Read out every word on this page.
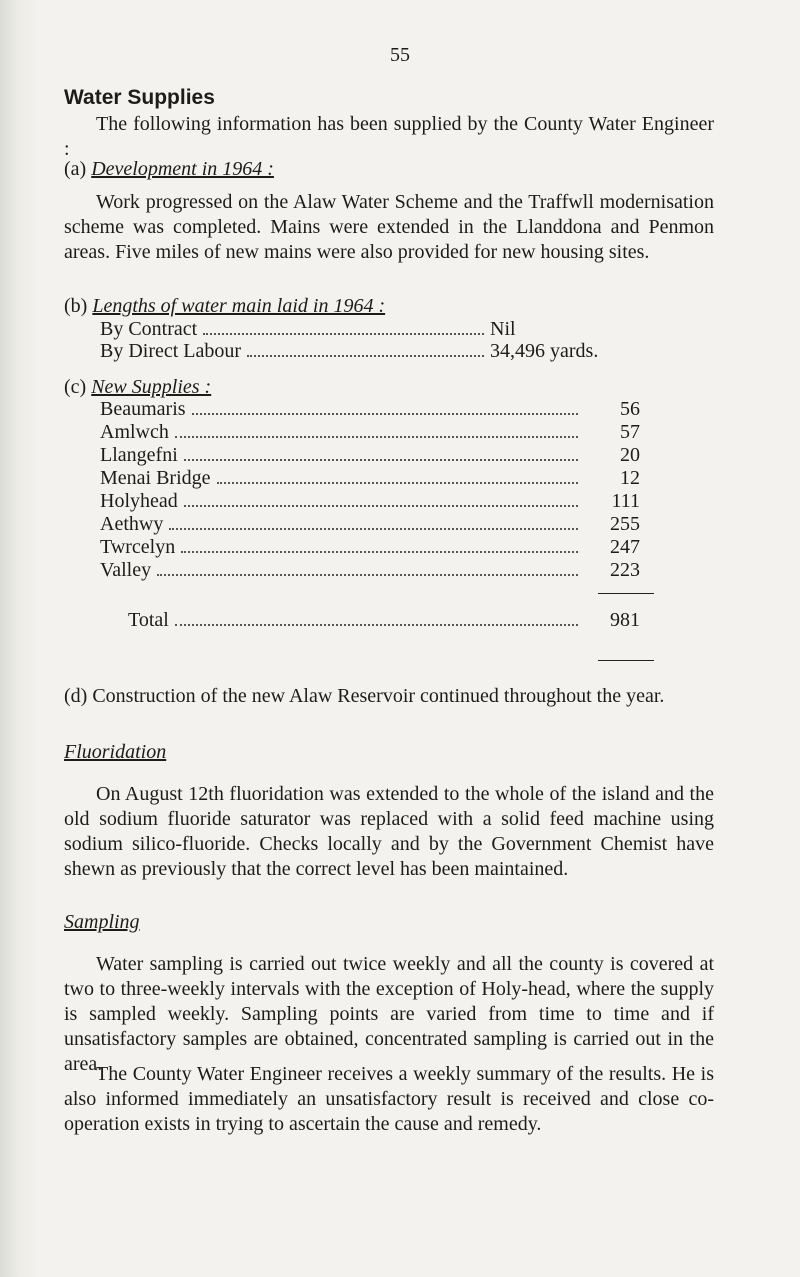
55
Water Supplies
The following information has been supplied by the County Water Engineer :
(a) Development in 1964 :
Work progressed on the Alaw Water Scheme and the Traffwll modernisation scheme was completed. Mains were extended in the Llanddona and Penmon areas. Five miles of new mains were also provided for new housing sites.
(b) Lengths of water main laid in 1964 :
By Contract	Nil
By Direct Labour	34,496 yards.
(c) New Supplies :
Beaumaris	56
Amlwch	57
Llangefni	20
Menai Bridge	12
Holyhead	111
Aethwy	255
Twrcelyn	247
Valley	223
Total	981
(d) Construction of the new Alaw Reservoir continued throughout the year.
Fluoridation
On August 12th fluoridation was extended to the whole of the island and the old sodium fluoride saturator was replaced with a solid feed machine using sodium silico-fluoride. Checks locally and by the Government Chemist have shewn as previously that the correct level has been maintained.
Sampling
Water sampling is carried out twice weekly and all the county is covered at two to three-weekly intervals with the exception of Holy-head, where the supply is sampled weekly. Sampling points are varied from time to time and if unsatisfactory samples are obtained, concentrated sampling is carried out in the area.
The County Water Engineer receives a weekly summary of the results. He is also informed immediately an unsatisfactory result is received and close co-operation exists in trying to ascertain the cause and remedy.
